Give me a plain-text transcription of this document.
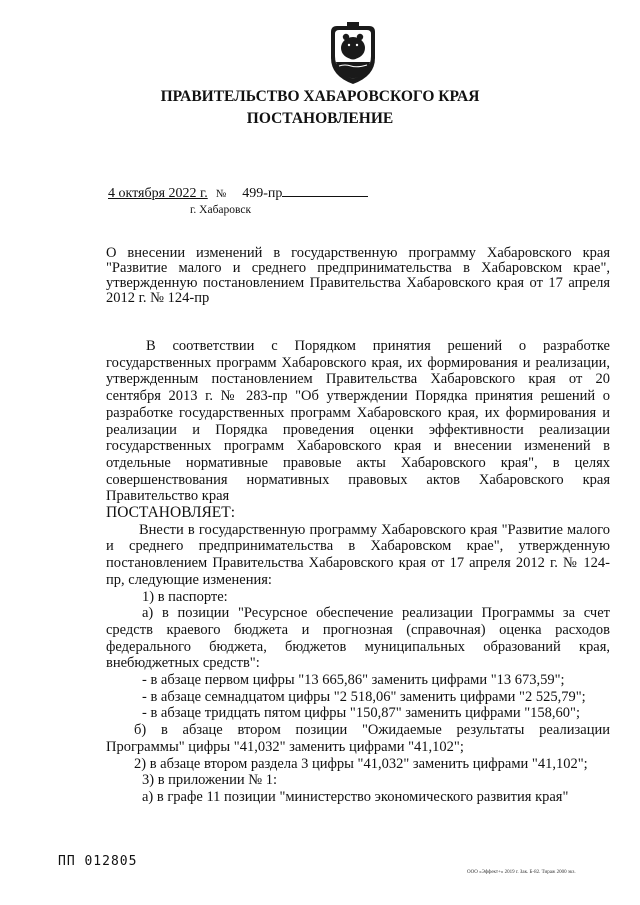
ПРАВИТЕЛЬСТВО ХАБАРОВСКОГО КРАЯ
ПОСТАНОВЛЕНИЕ
4 октября 2022 г. № 499-пр
г. Хабаровск
О внесении изменений в государственную программу Хабаровского края "Развитие малого и среднего предпринимательства в Хабаровском крае", утвержденную постановлением Правительства Хабаровского края от 17 апреля 2012 г. № 124-пр

В соответствии с Порядком принятия решений о разработке государственных программ Хабаровского края, их формирования и реализации, утвержденным постановлением Правительства Хабаровского края от 20 сентября 2013 г. № 283-пр "Об утверждении Порядка принятия решений о разработке государственных программ Хабаровского края, их формирования и реализации и Порядка проведения оценки эффективности реализации государственных программ Хабаровского края и внесении изменений в отдельные нормативные правовые акты Хабаровского края", в целях совершенствования нормативных правовых актов Хабаровского края Правительство края

ПОСТАНОВЛЯЕТ:

Внести в государственную программу Хабаровского края "Развитие малого и среднего предпринимательства в Хабаровском крае", утвержденную постановлением Правительства Хабаровского края от 17 апреля 2012 г. № 124-пр, следующие изменения:

1) в паспорте:

а) в позиции "Ресурсное обеспечение реализации Программы за счет средств краевого бюджета и прогнозная (справочная) оценка расходов федерального бюджета, бюджетов муниципальных образований края, внебюджетных средств":

- в абзаце первом цифры "13 665,86" заменить цифрами "13 673,59";

- в абзаце семнадцатом цифры "2 518,06" заменить цифрами "2 525,79";

- в абзаце тридцать пятом цифры "150,87" заменить цифрами "158,60";

б) в абзаце втором позиции "Ожидаемые результаты реализации Программы" цифры "41,032" заменить цифрами "41,102";

2) в абзаце втором раздела 3 цифры "41,032" заменить цифрами "41,102";

3) в приложении № 1:

а) в графе 11 позиции "министерство экономического развития края"

ПП 012805
ООО «Эффект+» 2019 г. Зак. Б-82. Тираж 2000 экз.
